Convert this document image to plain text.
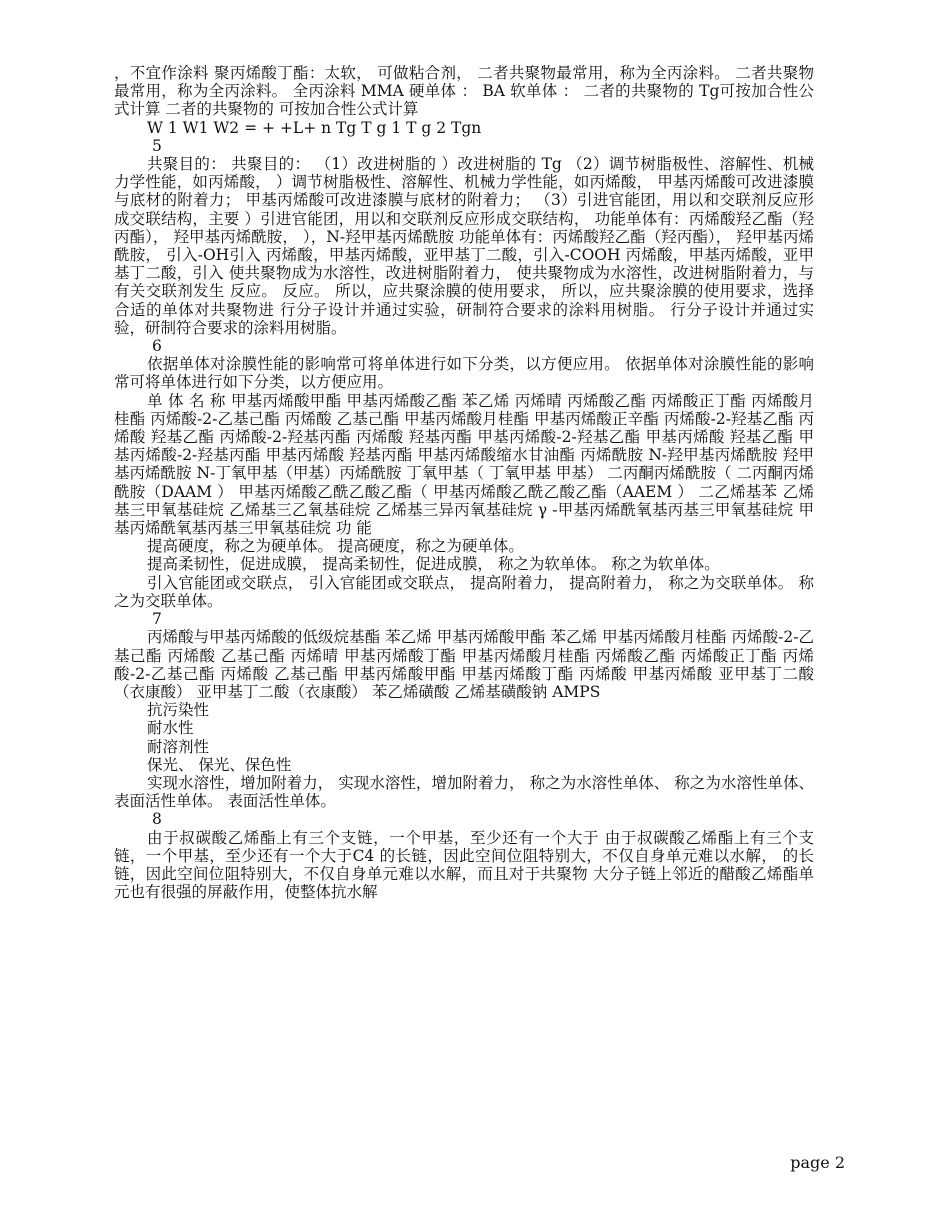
，不宜作涂料 聚丙烯酸丁酯：太软， 可做粘合剂， 二者共聚物最常用，称为全丙涂料。 二者共聚物最常用，称为全丙涂料。 全丙涂料 MMA 硬单体 ： BA 软单体 ： 二者的共聚物的 Tg可按加合性公式计算 二者的共聚物的 可按加合性公式计算

W 1 W1 W2 = + +L+ n Tg T g 1 T g 2 Tgn

5

共聚目的： 共聚目的： （1）改进树脂的 ）改进树脂的 Tg （2）调节树脂极性、溶解性、机械力学性能，如丙烯酸， ）调节树脂极性、溶解性、机械力学性能，如丙烯酸， 甲基丙烯酸可改进漆膜与底材的附着力； 甲基丙烯酸可改进漆膜与底材的附着力； （3）引进官能团，用以和交联剂反应形成交联结构，主要 ）引进官能团，用以和交联剂反应形成交联结构， 功能单体有：丙烯酸羟乙酯（羟丙酯）， 羟甲基丙烯酰胺， ），N-羟甲基丙烯酰胺 功能单体有：丙烯酸羟乙酯（羟丙酯）， 羟甲基丙烯酰胺， 引入-OH引入 丙烯酸，甲基丙烯酸，亚甲基丁二酸，引入-COOH 丙烯酸，甲基丙烯酸，亚甲基丁二酸，引入 使共聚物成为水溶性，改进树脂附着力， 使共聚物成为水溶性，改进树脂附着力，与有关交联剂发生 反应。 反应。 所以，应共聚涂膜的使用要求， 所以，应共聚涂膜的使用要求，选择合适的单体对共聚物进 行分子设计并通过实验，研制符合要求的涂料用树脂。 行分子设计并通过实验，研制符合要求的涂料用树脂。

6

依据单体对涂膜性能的影响常可将单体进行如下分类，以方便应用。 依据单体对涂膜性能的影响常可将单体进行如下分类，以方便应用。

单 体 名 称 甲基丙烯酸甲酯 甲基丙烯酸乙酯 苯乙烯 丙烯晴 丙烯酸乙酯 丙烯酸正丁酯 丙烯酸月桂酯 丙烯酸-2-乙基己酯 丙烯酸 乙基己酯 甲基丙烯酸月桂酯 甲基丙烯酸正辛酯 丙烯酸-2-羟基乙酯 丙烯酸 羟基乙酯 丙烯酸-2-羟基丙酯 丙烯酸 羟基丙酯 甲基丙烯酸-2-羟基乙酯 甲基丙烯酸 羟基乙酯 甲基丙烯酸-2-羟基丙酯 甲基丙烯酸 羟基丙酯 甲基丙烯酸缩水甘油酯 丙烯酰胺 N-羟甲基丙烯酰胺 羟甲基丙烯酰胺 N-丁氧甲基（甲基）丙烯酰胺 丁氧甲基（ 丁氧甲基 甲基） 二丙酮丙烯酰胺（ 二丙酮丙烯酰胺（DAAM ） 甲基丙烯酸乙酰乙酸乙酯（ 甲基丙烯酸乙酰乙酸乙酯（AAEM ） 二乙烯基苯 乙烯基三甲氧基硅烷 乙烯基三乙氧基硅烷 乙烯基三异丙氧基硅烷 γ -甲基丙烯酰氧基丙基三甲氧基硅烷 甲基丙烯酰氧基丙基三甲氧基硅烷 功 能

提高硬度，称之为硬单体。 提高硬度，称之为硬单体。

提高柔韧性，促进成膜， 提高柔韧性，促进成膜， 称之为软单体。 称之为软单体。

引入官能团或交联点， 引入官能团或交联点， 提高附着力， 提高附着力， 称之为交联单体。 称之为交联单体。

7

丙烯酸与甲基丙烯酸的低级烷基酯 苯乙烯 甲基丙烯酸甲酯 苯乙烯 甲基丙烯酸月桂酯 丙烯酸-2-乙基己酯 丙烯酸 乙基己酯 丙烯晴 甲基丙烯酸丁酯 甲基丙烯酸月桂酯 丙烯酸乙酯 丙烯酸正丁酯 丙烯酸-2-乙基己酯 丙烯酸 乙基己酯 甲基丙烯酸甲酯 甲基丙烯酸丁酯 丙烯酸 甲基丙烯酸 亚甲基丁二酸（衣康酸） 亚甲基丁二酸（衣康酸） 苯乙烯磺酸 乙烯基磺酸钠 AMPS

抗污染性

耐水性

耐溶剂性

保光、 保光、保色性

实现水溶性，增加附着力， 实现水溶性，增加附着力， 称之为水溶性单体、 称之为水溶性单体、 表面活性单体。 表面活性单体。

8

由于叔碳酸乙烯酯上有三个支链，一个甲基，至少还有一个大于 由于叔碳酸乙烯酯上有三个支链，一个甲基，至少还有一个大于C4 的长链，因此空间位阻特别大，不仅自身单元难以水解， 的长链，因此空间位阻特别大，不仅自身单元难以水解，而且对于共聚物 大分子链上邻近的醋酸乙烯酯单元也有很强的屏蔽作用，使整体抗水解

page 2
